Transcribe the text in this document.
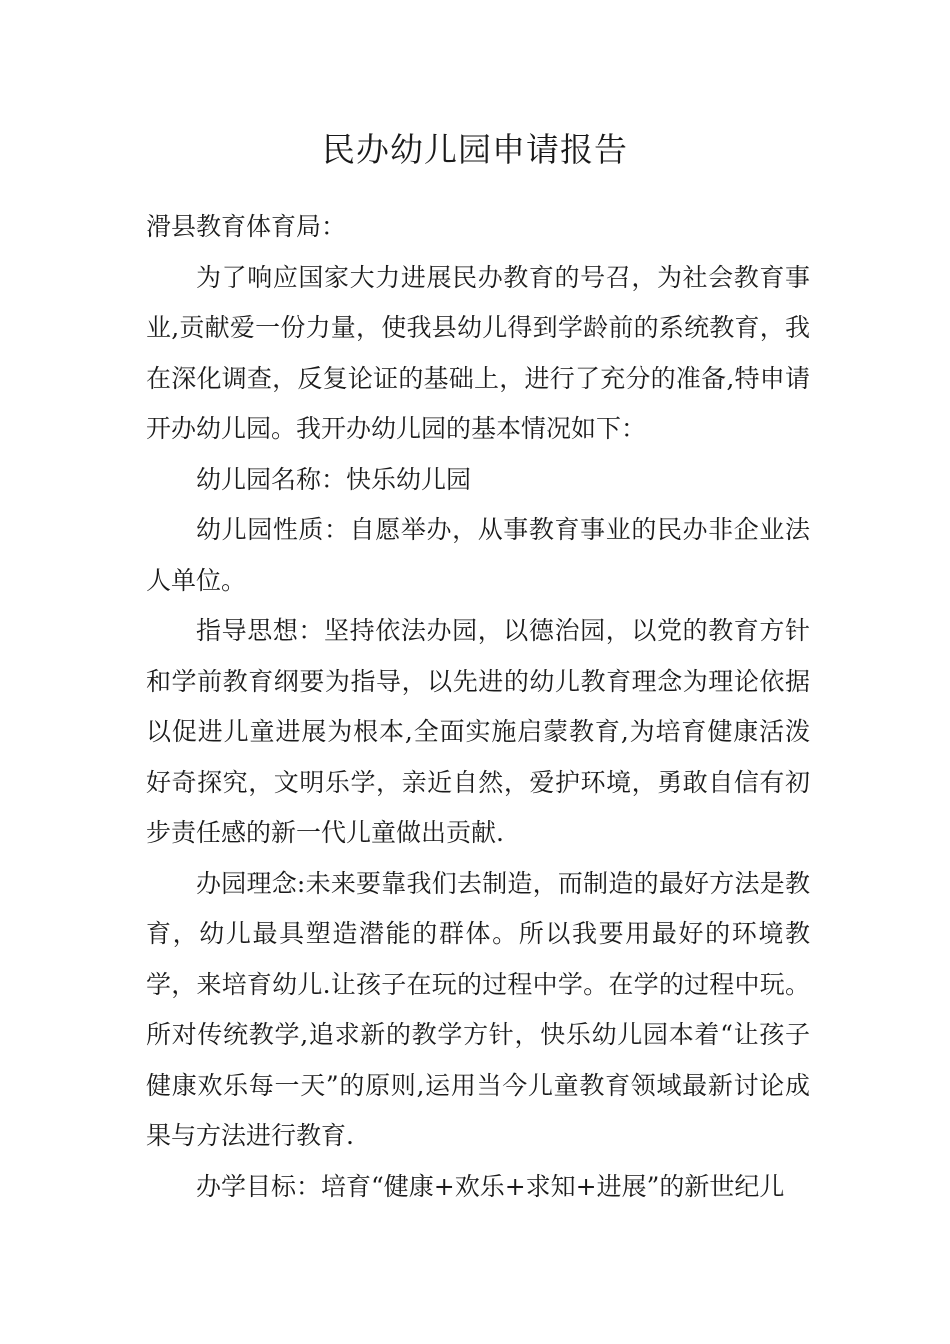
民办幼儿园申请报告

滑县教育体育局：

为了响应国家大力进展民办教育的号召，为社会教育事业,贡献爱一份力量，使我县幼儿得到学龄前的系统教育，我在深化调查，反复论证的基础上，进行了充分的准备,特申请开办幼儿园。我开办幼儿园的基本情况如下：

幼儿园名称：快乐幼儿园

幼儿园性质：自愿举办，从事教育事业的民办非企业法人单位。

指导思想：坚持依法办园，以德治园，以党的教育方针和学前教育纲要为指导，以先进的幼儿教育理念为理论依据以促进儿童进展为根本,全面实施启蒙教育,为培育健康活泼好奇探究，文明乐学，亲近自然，爱护环境，勇敢自信有初步责任感的新一代儿童做出贡献.

办园理念:未来要靠我们去制造，而制造的最好方法是教育，幼儿最具塑造潜能的群体。所以我要用最好的环境教学，来培育幼儿.让孩子在玩的过程中学。在学的过程中玩。所对传统教学,追求新的教学方针，快乐幼儿园本着“让孩子健康欢乐每一天”的原则,运用当今儿童教育领域最新讨论成果与方法进行教育.

办学目标：培育“健康+欢乐+求知+进展”的新世纪儿
